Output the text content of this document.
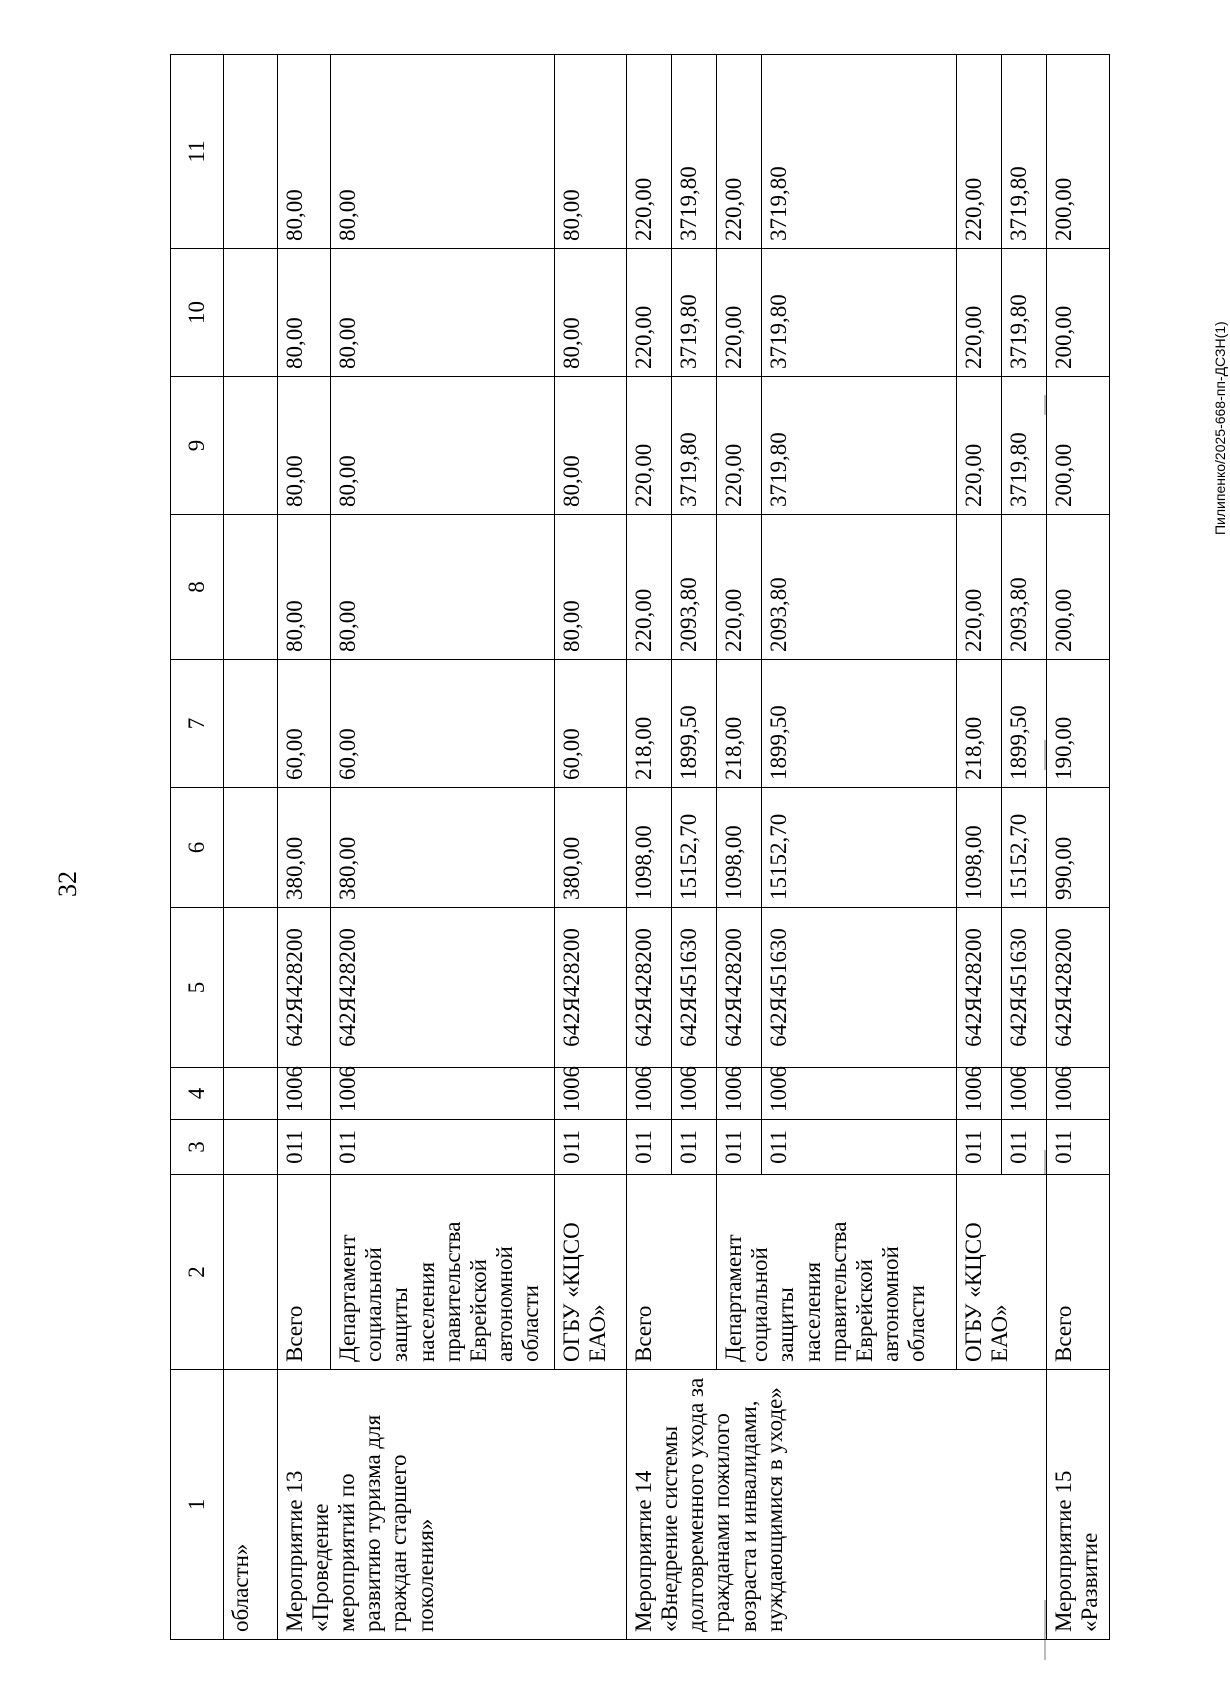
32
Пилипенко/2025-668-пп-ДСЗН(1)
1	2	3	4	5	6	7	8	9	10	11
областн»										
Мероприятие 13 «Проведение мероприятий по развитию туризма для граждан старшего поколения»	Всего	011	1006	642Я428200	380,00	60,00	80,00	80,00	80,00	80,00
	Департамент социальной защиты населения правительства Еврейской автономной области	011	1006	642Я428200	380,00	60,00	80,00	80,00	80,00	80,00
	ОГБУ «КЦСО ЕАО»	011	1006	642Я428200	380,00	60,00	80,00	80,00	80,00	80,00
Мероприятие 14 «Внедрение системы долговременного ухода за гражданами пожилого возраста и инвалидами, нуждающимися в уходе»	Всего	011	1006	642Я428200	1098,00	218,00	220,00	220,00	220,00	220,00
		011	1006	642Я451630	15152,70	1899,50	2093,80	3719,80	3719,80	3719,80
	Департамент социальной защиты населения правительства Еврейской автономной области	011	1006	642Я428200	1098,00	218,00	220,00	220,00	220,00	220,00
		011	1006	642Я451630	15152,70	1899,50	2093,80	3719,80	3719,80	3719,80
	ОГБУ «КЦСО ЕАО»	011	1006	642Я428200	1098,00	218,00	220,00	220,00	220,00	220,00
		011	1006	642Я451630	15152,70	1899,50	2093,80	3719,80	3719,80	3719,80
Мероприятие 15 «Развитие	Всего	011	1006	642Я428200	990,00	190,00	200,00	200,00	200,00	200,00
